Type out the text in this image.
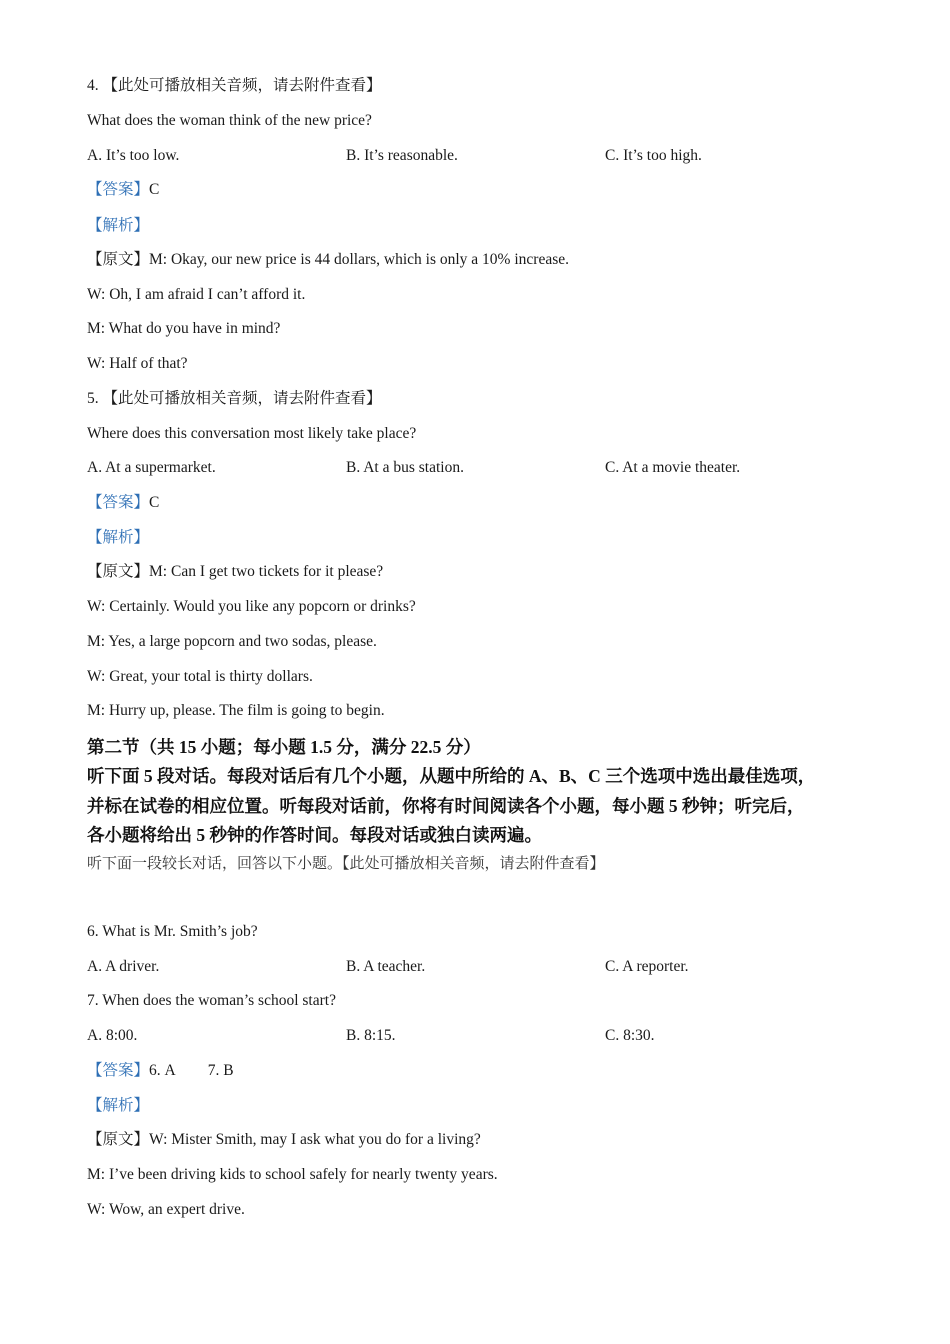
4. 【此处可播放相关音频，请去附件查看】
What does the woman think of the new price?
A. It’s too low.	B. It’s reasonable.	C. It’s too high.
【答案】C
【解析】
【原文】M: Okay, our new price is 44 dollars, which is only a 10% increase.
W: Oh, I am afraid I can’t afford it.
M: What do you have in mind?
W: Half of that?
5. 【此处可播放相关音频，请去附件查看】
Where does this conversation most likely take place?
A. At a supermarket.	B. At a bus station.	C. At a movie theater.
【答案】C
【解析】
【原文】M: Can I get two tickets for it please?
W: Certainly. Would you like any popcorn or drinks?
M: Yes, a large popcorn and two sodas, please.
W: Great, your total is thirty dollars.
M: Hurry up, please. The film is going to begin.
第二节（共 15 小题；每小题 1.5 分，满分 22.5 分）
听下面 5 段对话。每段对话后有几个小题，从题中所给的 A、B、C 三个选项中选出最佳选项，
并标在试卷的相应位置。听每段对话前，你将有时间阅读各个小题，每小题 5 秒钟；听完后，
各小题将给出 5 秒钟的作答时间。每段对话或独白读两遍。
听下面一段较长对话，回答以下小题。【此处可播放相关音频，请去附件查看】
6. What is Mr. Smith’s job?
A. A driver.	B. A teacher.	C. A reporter.
7. When does the woman’s school start?
A. 8:00.	B. 8:15.	C. 8:30.
【答案】6. A 7. B
【解析】
【原文】W: Mister Smith, may I ask what you do for a living?
M: I’ve been driving kids to school safely for nearly twenty years.
W: Wow, an expert drive.
